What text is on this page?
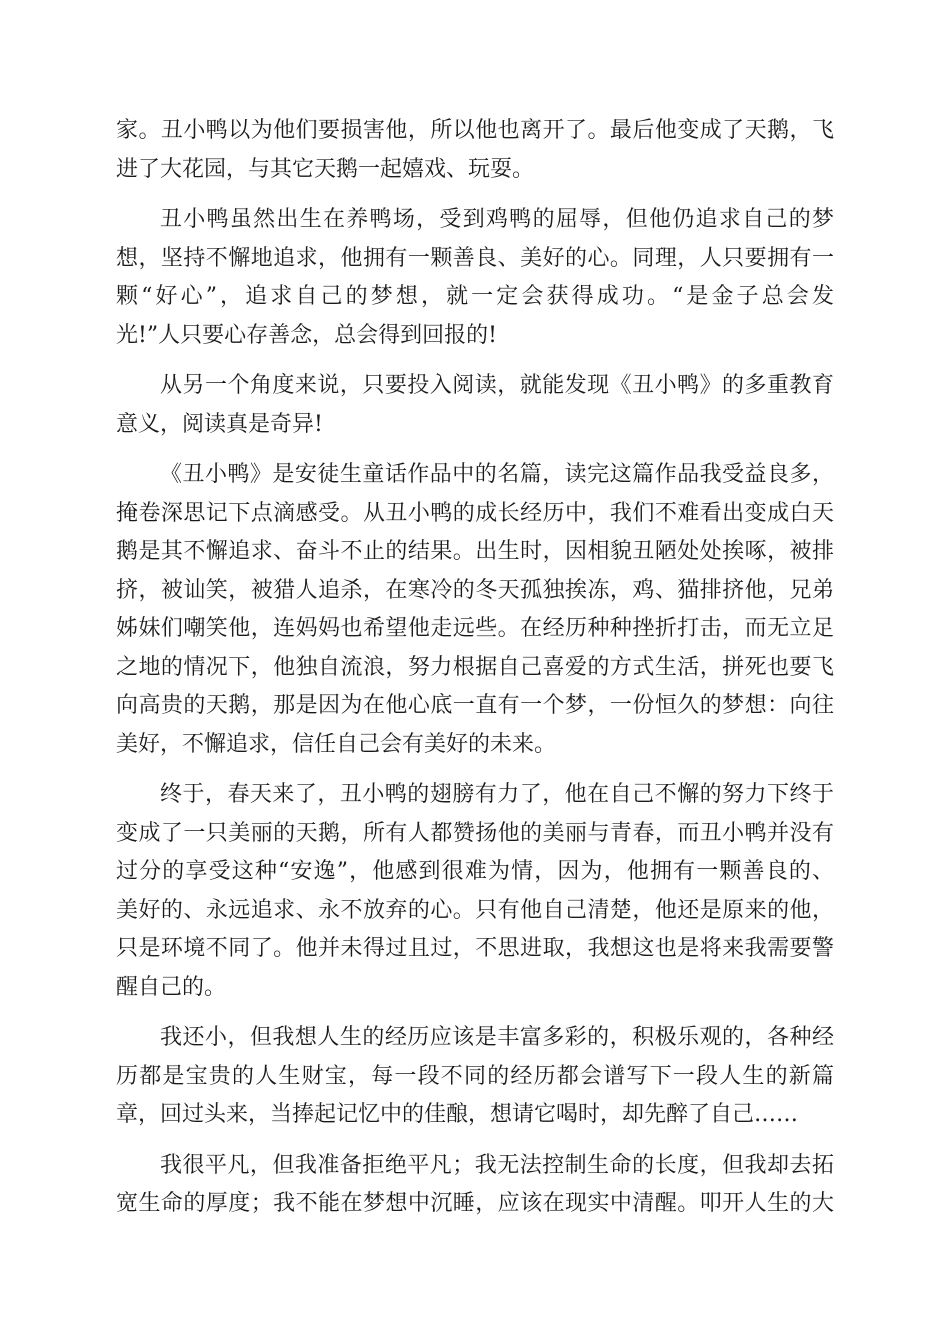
家。丑小鸭以为他们要损害他，所以他也离开了。最后他变成了天鹅，飞
进了大花园，与其它天鹅一起嬉戏、玩耍。
丑小鸭虽然出生在养鸭场，受到鸡鸭的屈辱，但他仍追求自己的梦
想，坚持不懈地追求，他拥有一颗善良、美好的心。同理，人只要拥有一
颗“好心”，追求自己的梦想，就一定会获得成功。“是金子总会发
光!”人只要心存善念，总会得到回报的!
从另一个角度来说，只要投入阅读，就能发现《丑小鸭》的多重教育
意义，阅读真是奇异!
《丑小鸭》是安徒生童话作品中的名篇，读完这篇作品我受益良多，
掩卷深思记下点滴感受。从丑小鸭的成长经历中，我们不难看出变成白天
鹅是其不懈追求、奋斗不止的结果。出生时，因相貌丑陋处处挨啄，被排
挤，被讪笑，被猎人追杀，在寒冷的冬天孤独挨冻，鸡、猫排挤他，兄弟
姊妹们嘲笑他，连妈妈也希望他走远些。在经历种种挫折打击，而无立足
之地的情况下，他独自流浪，努力根据自己喜爱的方式生活，拼死也要飞
向高贵的天鹅，那是因为在他心底一直有一个梦，一份恒久的梦想：向往
美好，不懈追求，信任自己会有美好的未来。
终于，春天来了，丑小鸭的翅膀有力了，他在自己不懈的努力下终于
变成了一只美丽的天鹅，所有人都赞扬他的美丽与青春，而丑小鸭并没有
过分的享受这种“安逸”，他感到很难为情，因为，他拥有一颗善良的、
美好的、永远追求、永不放弃的心。只有他自己清楚，他还是原来的他，
只是环境不同了。他并未得过且过，不思进取，我想这也是将来我需要警
醒自己的。
我还小，但我想人生的经历应该是丰富多彩的，积极乐观的，各种经
历都是宝贵的人生财宝，每一段不同的经历都会谱写下一段人生的新篇
章，回过头来，当捧起记忆中的佳酿，想请它喝时，却先醉了自己……
我很平凡，但我准备拒绝平凡；我无法控制生命的长度，但我却去拓
宽生命的厚度；我不能在梦想中沉睡，应该在现实中清醒。叩开人生的大
